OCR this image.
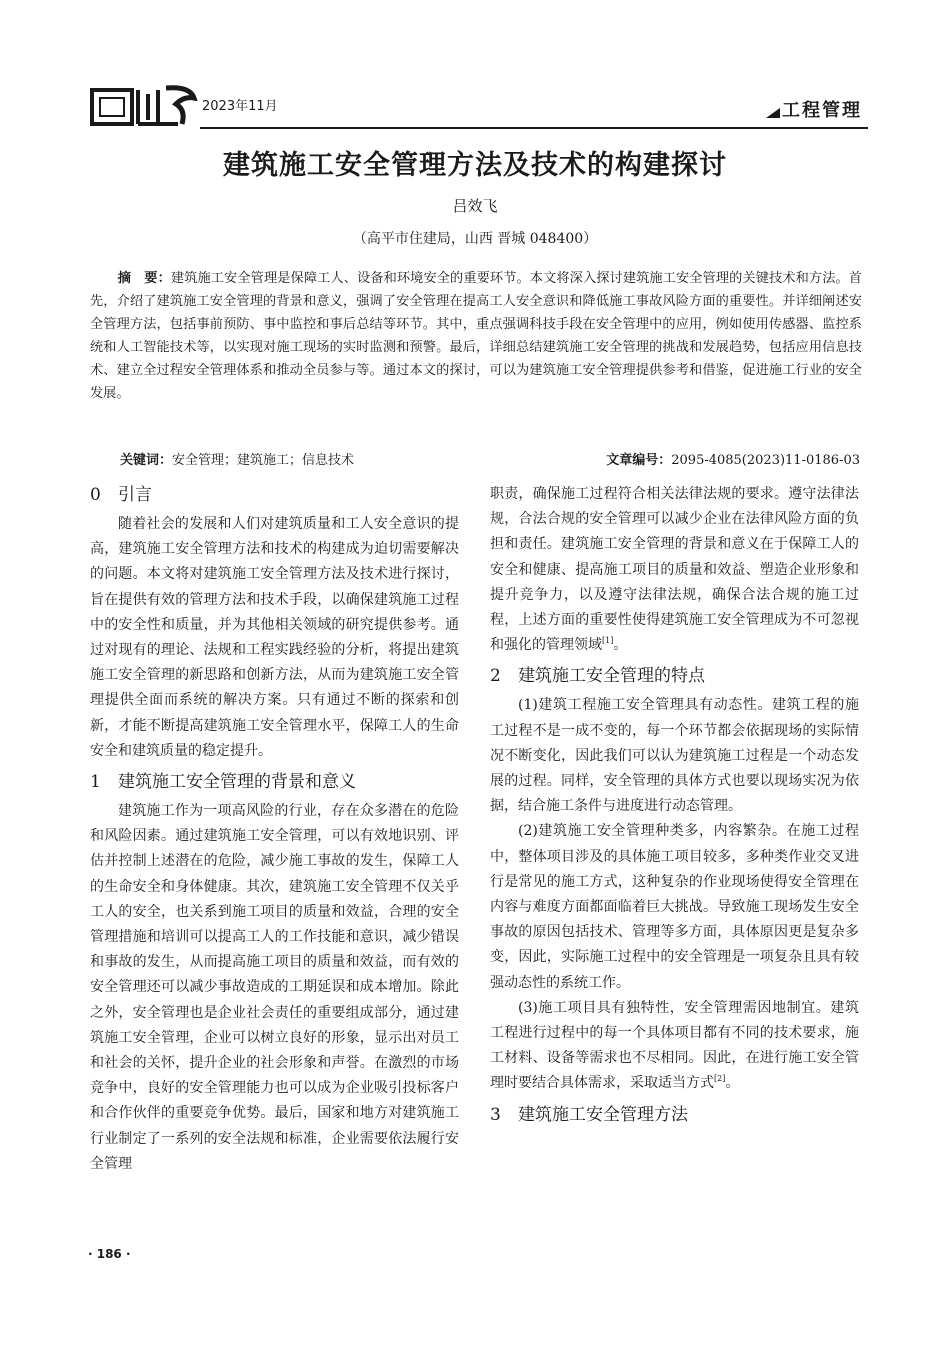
2023年11月	工程管理
建筑施工安全管理方法及技术的构建探讨
吕效飞
（高平市住建局，山西 晋城 048400）
摘　要：建筑施工安全管理是保障工人、设备和环境安全的重要环节。本文将深入探讨建筑施工安全管理的关键技术和方法。首先，介绍了建筑施工安全管理的背景和意义，强调了安全管理在提高工人安全意识和降低施工事故风险方面的重要性。并详细阐述安全管理方法，包括事前预防、事中监控和事后总结等环节。其中，重点强调科技手段在安全管理中的应用，例如使用传感器、监控系统和人工智能技术等，以实现对施工现场的实时监测和预警。最后，详细总结建筑施工安全管理的挑战和发展趋势，包括应用信息技术、建立全过程安全管理体系和推动全员参与等。通过本文的探讨，可以为建筑施工安全管理提供参考和借鉴，促进施工行业的安全发展。
关键词：安全管理；建筑施工；信息技术	文章编号：2095-4085(2023)11-0186-03
0 引言

随着社会的发展和人们对建筑质量和工人安全意识的提高，建筑施工安全管理方法和技术的构建成为迫切需要解决的问题。本文将对建筑施工安全管理方法及技术进行探讨，旨在提供有效的管理方法和技术手段，以确保建筑施工过程中的安全性和质量，并为其他相关领域的研究提供参考。通过对现有的理论、法规和工程实践经验的分析，将提出建筑施工安全管理的新思路和创新方法，从而为建筑施工安全管理提供全面而系统的解决方案。只有通过不断的探索和创新，才能不断提高建筑施工安全管理水平，保障工人的生命安全和建筑质量的稳定提升。

1 建筑施工安全管理的背景和意义

建筑施工作为一项高风险的行业，存在众多潜在的危险和风险因素。通过建筑施工安全管理，可以有效地识别、评估并控制上述潜在的危险，减少施工事故的发生，保障工人的生命安全和身体健康。其次，建筑施工安全管理不仅关乎工人的安全，也关系到施工项目的质量和效益，合理的安全管理措施和培训可以提高工人的工作技能和意识，减少错误和事故的发生，从而提高施工项目的质量和效益，而有效的安全管理还可以减少事故造成的工期延误和成本增加。除此之外，安全管理也是企业社会责任的重要组成部分，通过建筑施工安全管理，企业可以树立良好的形象，显示出对员工和社会的关怀，提升企业的社会形象和声誉。在激烈的市场竞争中，良好的安全管理能力也可以成为企业吸引投标客户和合作伙伴的重要竞争优势。最后，国家和地方对建筑施工行业制定了一系列的安全法规和标准，企业需要依法履行安全管理

职责，确保施工过程符合相关法律法规的要求。遵守法律法规，合法合规的安全管理可以减少企业在法律风险方面的负担和责任。建筑施工安全管理的背景和意义在于保障工人的安全和健康、提高施工项目的质量和效益、塑造企业形象和提升竞争力，以及遵守法律法规，确保合法合规的施工过程，上述方面的重要性使得建筑施工安全管理成为不可忽视和强化的管理领域[1]。

2 建筑施工安全管理的特点

(1)建筑工程施工安全管理具有动态性。建筑工程的施工过程不是一成不变的，每一个环节都会依据现场的实际情况不断变化，因此我们可以认为建筑施工过程是一个动态发展的过程。同样，安全管理的具体方式也要以现场实况为依据，结合施工条件与进度进行动态管理。

(2)建筑施工安全管理种类多，内容繁杂。在施工过程中，整体项目涉及的具体施工项目较多，多种类作业交叉进行是常见的施工方式，这种复杂的作业现场使得安全管理在内容与难度方面都面临着巨大挑战。导致施工现场发生安全事故的原因包括技术、管理等多方面，具体原因更是复杂多变，因此，实际施工过程中的安全管理是一项复杂且具有较强动态性的系统工作。

(3)施工项目具有独特性，安全管理需因地制宜。建筑工程进行过程中的每一个具体项目都有不同的技术要求，施工材料、设备等需求也不尽相同。因此，在进行施工安全管理时要结合具体需求，采取适当方式[2]。

3 建筑施工安全管理方法
· 186 ·
